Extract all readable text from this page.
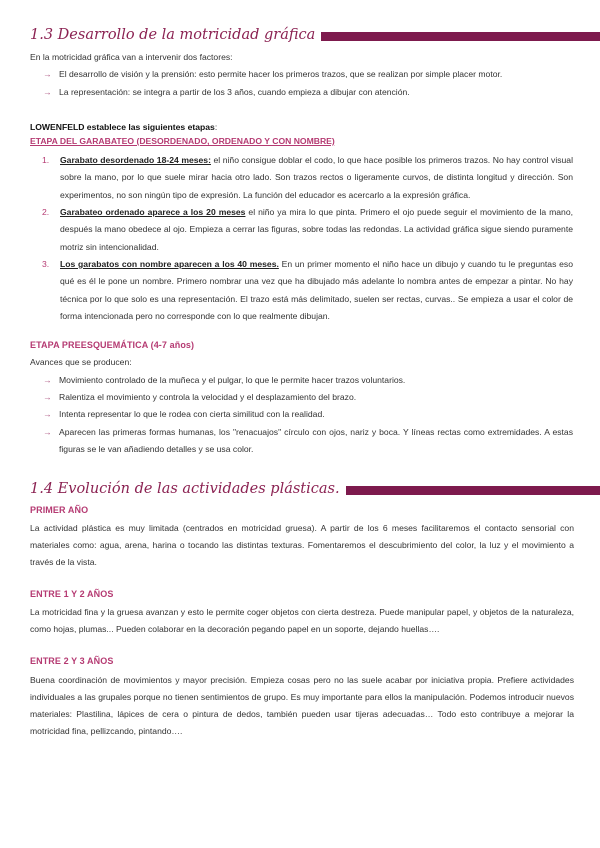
1.3 Desarrollo de la motricidad gráfica
En la motricidad gráfica van a intervenir dos factores:
→ El desarrollo de visión y la prensión: esto permite hacer los primeros trazos, que se realizan por simple placer motor.
→ La representación: se integra a partir de los 3 años, cuando empieza a dibujar con atención.
LOWENFELD establece las siguientes etapas:
ETAPA DEL GARABATEO (DESORDENADO, ORDENADO Y CON NOMBRE)
1.	Garabato desordenado 18-24 meses: el niño consigue doblar el codo, lo que hace posible los primeros trazos. No hay control visual sobre la mano, por lo que suele mirar hacia otro lado. Son trazos rectos o ligeramente curvos, de distinta longitud y dirección. Son experimentos, no son ningún tipo de expresión. La función del educador es acercarlo a la expresión gráfica.
2.	Garabateo ordenado aparece a los 20 meses el niño ya mira lo que pinta. Primero el ojo puede seguir el movimiento de la mano, después la mano obedece al ojo. Empieza a cerrar las figuras, sobre todas las redondas. La actividad gráfica sigue siendo puramente motriz sin intencionalidad.
3.	Los garabatos con nombre aparecen a los 40 meses. En un primer momento el niño hace un dibujo y cuando tu le preguntas eso qué es él le pone un nombre. Primero nombrar una vez que ha dibujado más adelante lo nombra antes de empezar a pintar. No hay técnica por lo que solo es una representación. El trazo está más delimitado, suelen ser rectas, curvas.. Se empieza a usar el color de forma intencionada pero no corresponde con lo que realmente dibujan.
ETAPA PREESQUEMÁTICA (4-7 años)
Avances que se producen:
→ Movimiento controlado de la muñeca y el pulgar, lo que le permite hacer trazos voluntarios.
→ Ralentiza el movimiento y controla la velocidad y el desplazamiento del brazo.
→ Intenta representar lo que le rodea con cierta similitud con la realidad.
→ Aparecen las primeras formas humanas, los "renacuajos" círculo con ojos, nariz y boca. Y líneas rectas como extremidades. A estas figuras se le van añadiendo detalles y se usa color.
1.4 Evolución de las actividades plásticas.
PRIMER AÑO
La actividad plástica es muy limitada (centrados en motricidad gruesa). A partir de los 6 meses facilitaremos el contacto sensorial con materiales como: agua, arena, harina o tocando las distintas texturas. Fomentaremos el descubrimiento del color, la luz y el movimiento a través de la vista.
ENTRE 1 Y 2 AÑOS
La motricidad fina y la gruesa avanzan y esto le permite coger objetos con cierta destreza. Puede manipular papel, y objetos de la naturaleza, como hojas, plumas... Pueden colaborar en la decoración pegando papel en un soporte, dejando huellas….
ENTRE 2 Y 3 AÑOS
Buena coordinación de movimientos y mayor precisión. Empieza cosas pero no las suele acabar por iniciativa propia. Prefiere actividades individuales a las grupales porque no tienen sentimientos de grupo. Es muy importante para ellos la manipulación. Podemos introducir nuevos materiales: Plastilina, lápices de cera o pintura de dedos, también pueden usar tijeras adecuadas… Todo esto contribuye a mejorar la motricidad fina, pellizcando, pintando….
